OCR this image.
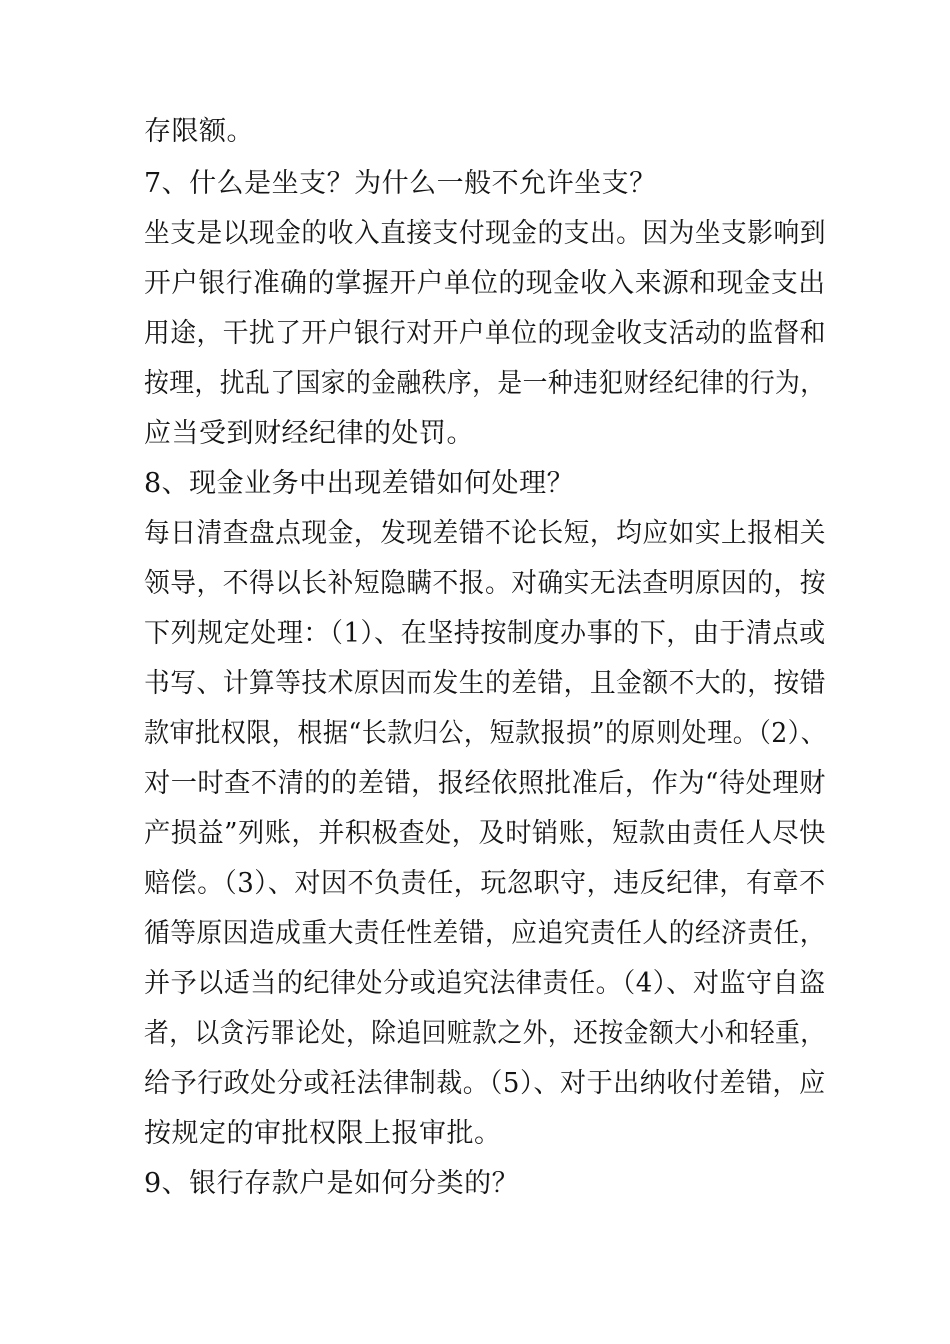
存限额。
7、什么是坐支？为什么一般不允许坐支？
坐支是以现金的收入直接支付现金的支出。因为坐支影响到
开户银行准确的掌握开户单位的现金收入来源和现金支出
用途，干扰了开户银行对开户单位的现金收支活动的监督和
按理，扰乱了国家的金融秩序，是一种违犯财经纪律的行为，
应当受到财经纪律的处罚。
8、现金业务中出现差错如何处理？
每日清查盘点现金，发现差错不论长短，均应如实上报相关
领导，不得以长补短隐瞒不报。对确实无法查明原因的，按
下列规定处理：（1）、在坚持按制度办事的下，由于清点或
书写、计算等技术原因而发生的差错，且金额不大的，按错
款审批权限，根据“长款归公，短款报损”的原则处理。（2）、
对一时查不清的的差错，报经依照批准后，作为“待处理财
产损益”列账，并积极查处，及时销账，短款由责任人尽快
赔偿。（3）、对因不负责任，玩忽职守，违反纪律，有章不
循等原因造成重大责任性差错，应追究责任人的经济责任，
并予以适当的纪律处分或追究法律责任。（4）、对监守自盗
者，以贪污罪论处，除追回赃款之外，还按金额大小和轻重，
给予行政处分或衽法律制裁。（5）、对于出纳收付差错，应
按规定的审批权限上报审批。
9、银行存款户是如何分类的？
